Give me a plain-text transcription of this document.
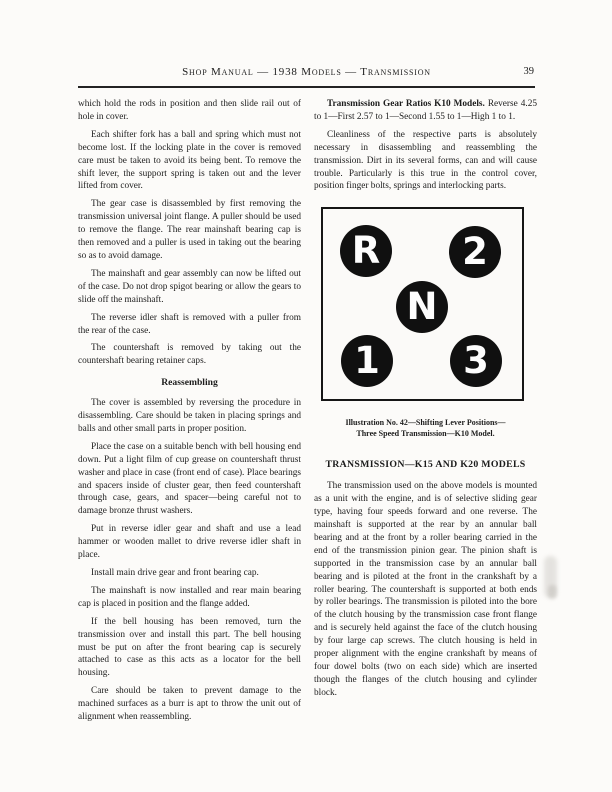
Shop Manual — 1938 Models — Transmission	39

which hold the rods in position and then slide rail out of hole in cover.

Each shifter fork has a ball and spring which must not become lost. If the locking plate in the cover is removed care must be taken to avoid its being bent. To remove the shift lever, the support spring is taken out and the lever lifted from cover.

The gear case is disassembled by first removing the transmission universal joint flange. A puller should be used to remove the flange. The rear mainshaft bearing cap is then removed and a puller is used in taking out the bearing so as to avoid damage.

The mainshaft and gear assembly can now be lifted out of the case. Do not drop spigot bearing or allow the gears to slide off the mainshaft.

The reverse idler shaft is removed with a puller from the rear of the case.

The countershaft is removed by taking out the countershaft bearing retainer caps.

Reassembling

The cover is assembled by reversing the procedure in disassembling. Care should be taken in placing springs and balls and other small parts in proper position.

Place the case on a suitable bench with bell housing end down. Put a light film of cup grease on countershaft thrust washer and place in case (front end of case). Place bearings and spacers inside of cluster gear, then feed countershaft through case, gears, and spacer—being careful not to damage bronze thrust washers.

Put in reverse idler gear and shaft and use a lead hammer or wooden mallet to drive reverse idler shaft in place.

Install main drive gear and front bearing cap.

The mainshaft is now installed and rear main bearing cap is placed in position and the flange added.

If the bell housing has been removed, turn the transmission over and install this part. The bell housing must be put on after the front bearing cap is securely attached to case as this acts as a locator for the bell housing.

Care should be taken to prevent damage to the machined surfaces as a burr is apt to throw the unit out of alignment when reassembling.

Transmission Gear Ratios K10 Models. Reverse 4.25 to 1—First 2.57 to 1—Second 1.55 to 1—High 1 to 1.

Cleanliness of the respective parts is absolutely necessary in disassembling and reassembling the transmission. Dirt in its several forms, can and will cause trouble. Particularly is this true in the control cover, position finger bolts, springs and interlocking parts.

R 2
N
1 3
Illustration No. 42—Shifting Lever Positions—
Three Speed Transmission—K10 Model.
TRANSMISSION—K15 AND K20 MODELS

The transmission used on the above models is mounted as a unit with the engine, and is of selective sliding gear type, having four speeds forward and one reverse. The mainshaft is supported at the rear by an annular ball bearing and at the front by a roller bearing carried in the end of the transmission pinion gear. The pinion shaft is supported in the transmission case by an annular ball bearing and is piloted at the front in the crankshaft by a roller bearing. The countershaft is supported at both ends by roller bearings. The transmission is piloted into the bore of the clutch housing by the transmission case front flange and is securely held against the face of the clutch housing by four large cap screws. The clutch housing is held in proper alignment with the engine crankshaft by means of four dowel bolts (two on each side) which are inserted though the flanges of the clutch housing and cylinder block.
